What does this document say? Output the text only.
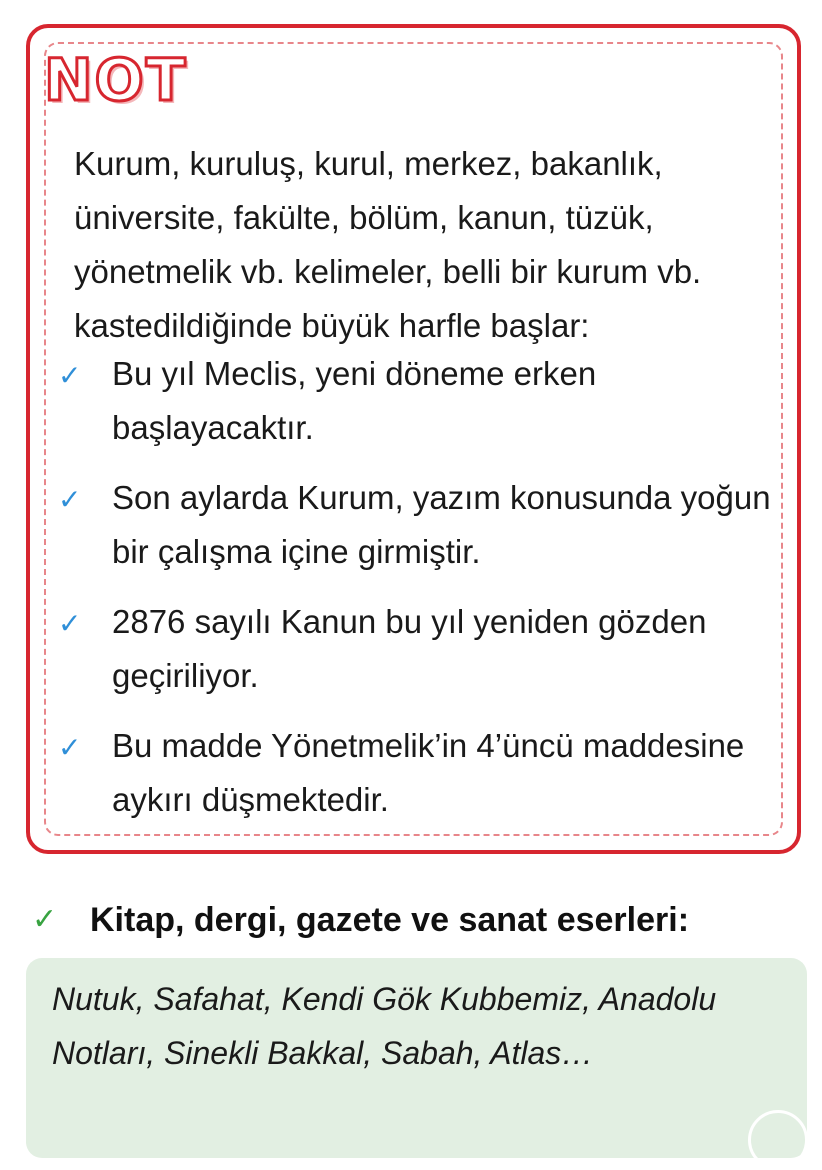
NOT
Kurum, kuruluş, kurul, merkez, bakanlık, üniversite, fakülte, bölüm, kanun, tüzük, yönetmelik vb. kelimeler, belli bir kurum vb. kastedildiğinde büyük harfle başlar:
✓ Bu yıl Meclis, yeni döneme erken başlayacaktır.
✓ Son aylarda Kurum, yazım konusunda yoğun bir çalışma içine girmiştir.
✓ 2876 sayılı Kanun bu yıl yeniden gözden geçiriliyor.
✓ Bu madde Yönetmelik’in 4’üncü maddesine aykırı düşmektedir.
✓ Kitap, dergi, gazete ve sanat eserleri:
Nutuk, Safahat, Kendi Gök Kubbemiz, Anadolu Notları, Sinekli Bakkal, Sabah, Atlas…
